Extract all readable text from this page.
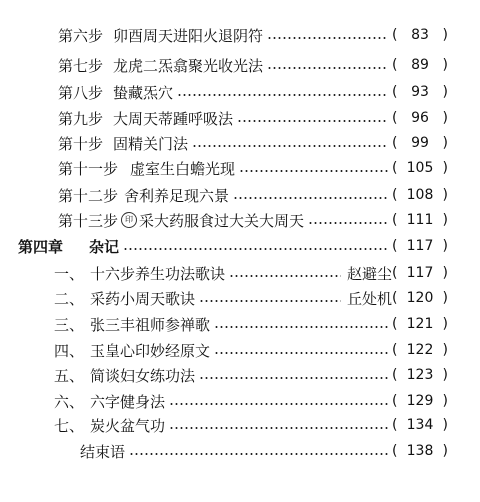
第六步 卯酉周天进阳火退阴符	( 83 )
第七步 龙虎二炁翕聚光收光法	( 89 )
第八步 蛰藏炁穴	( 93 )
第九步 大周天蒂踵呼吸法	( 96 )
第十步 固精关门法	( 99 )
第十一步 虚室生白蟾光现	( 105 )
第十二步 舍利养足现六景	( 108 )
第十三步 印 采大药服食过大关大周天	( 111 )
第四章 杂记	( 117 )
一、 十六步养生功法歌诀	赵避尘 ( 117 )
二、 采药小周天歌诀	丘处机 ( 120 )
三、 张三丰祖师参禅歌	( 121 )
四、 玉皇心印妙经原文	( 122 )
五、 简谈妇女练功法	( 123 )
六、 六字健身法	( 129 )
七、 炭火盆气功	( 134 )
结束语	( 138 )
